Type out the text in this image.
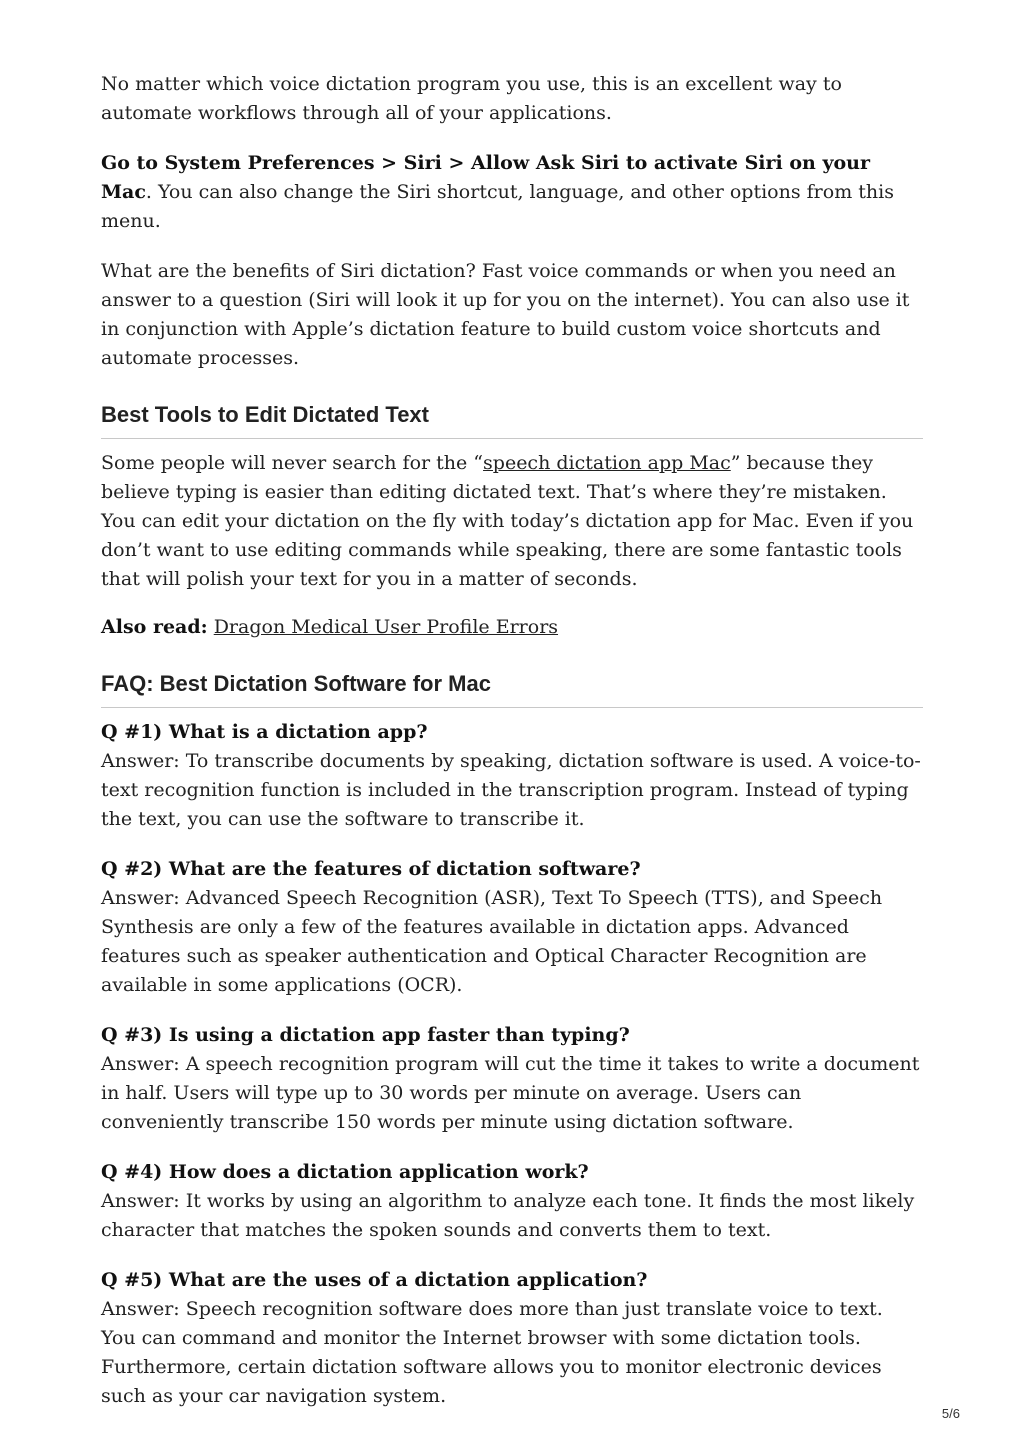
No matter which voice dictation program you use, this is an excellent way to automate workflows through all of your applications.

Go to System Preferences > Siri > Allow Ask Siri to activate Siri on your Mac. You can also change the Siri shortcut, language, and other options from this menu.

What are the benefits of Siri dictation? Fast voice commands or when you need an answer to a question (Siri will look it up for you on the internet). You can also use it in conjunction with Apple’s dictation feature to build custom voice shortcuts and automate processes.

Best Tools to Edit Dictated Text

Some people will never search for the “speech dictation app Mac” because they believe typing is easier than editing dictated text. That’s where they’re mistaken. You can edit your dictation on the fly with today’s dictation app for Mac. Even if you don’t want to use editing commands while speaking, there are some fantastic tools that will polish your text for you in a matter of seconds.

Also read: Dragon Medical User Profile Errors

FAQ: Best Dictation Software for Mac

Q #1) What is a dictation app?

Answer: To transcribe documents by speaking, dictation software is used. A voice-to-text recognition function is included in the transcription program. Instead of typing the text, you can use the software to transcribe it.

Q #2) What are the features of dictation software?

Answer: Advanced Speech Recognition (ASR), Text To Speech (TTS), and Speech Synthesis are only a few of the features available in dictation apps. Advanced features such as speaker authentication and Optical Character Recognition are available in some applications (OCR).

Q #3) Is using a dictation app faster than typing?

Answer: A speech recognition program will cut the time it takes to write a document in half. Users will type up to 30 words per minute on average. Users can conveniently transcribe 150 words per minute using dictation software.

Q #4) How does a dictation application work?

Answer: It works by using an algorithm to analyze each tone. It finds the most likely character that matches the spoken sounds and converts them to text.

Q #5) What are the uses of a dictation application?

Answer: Speech recognition software does more than just translate voice to text. You can command and monitor the Internet browser with some dictation tools. Furthermore, certain dictation software allows you to monitor electronic devices such as your car navigation system.

5/6
